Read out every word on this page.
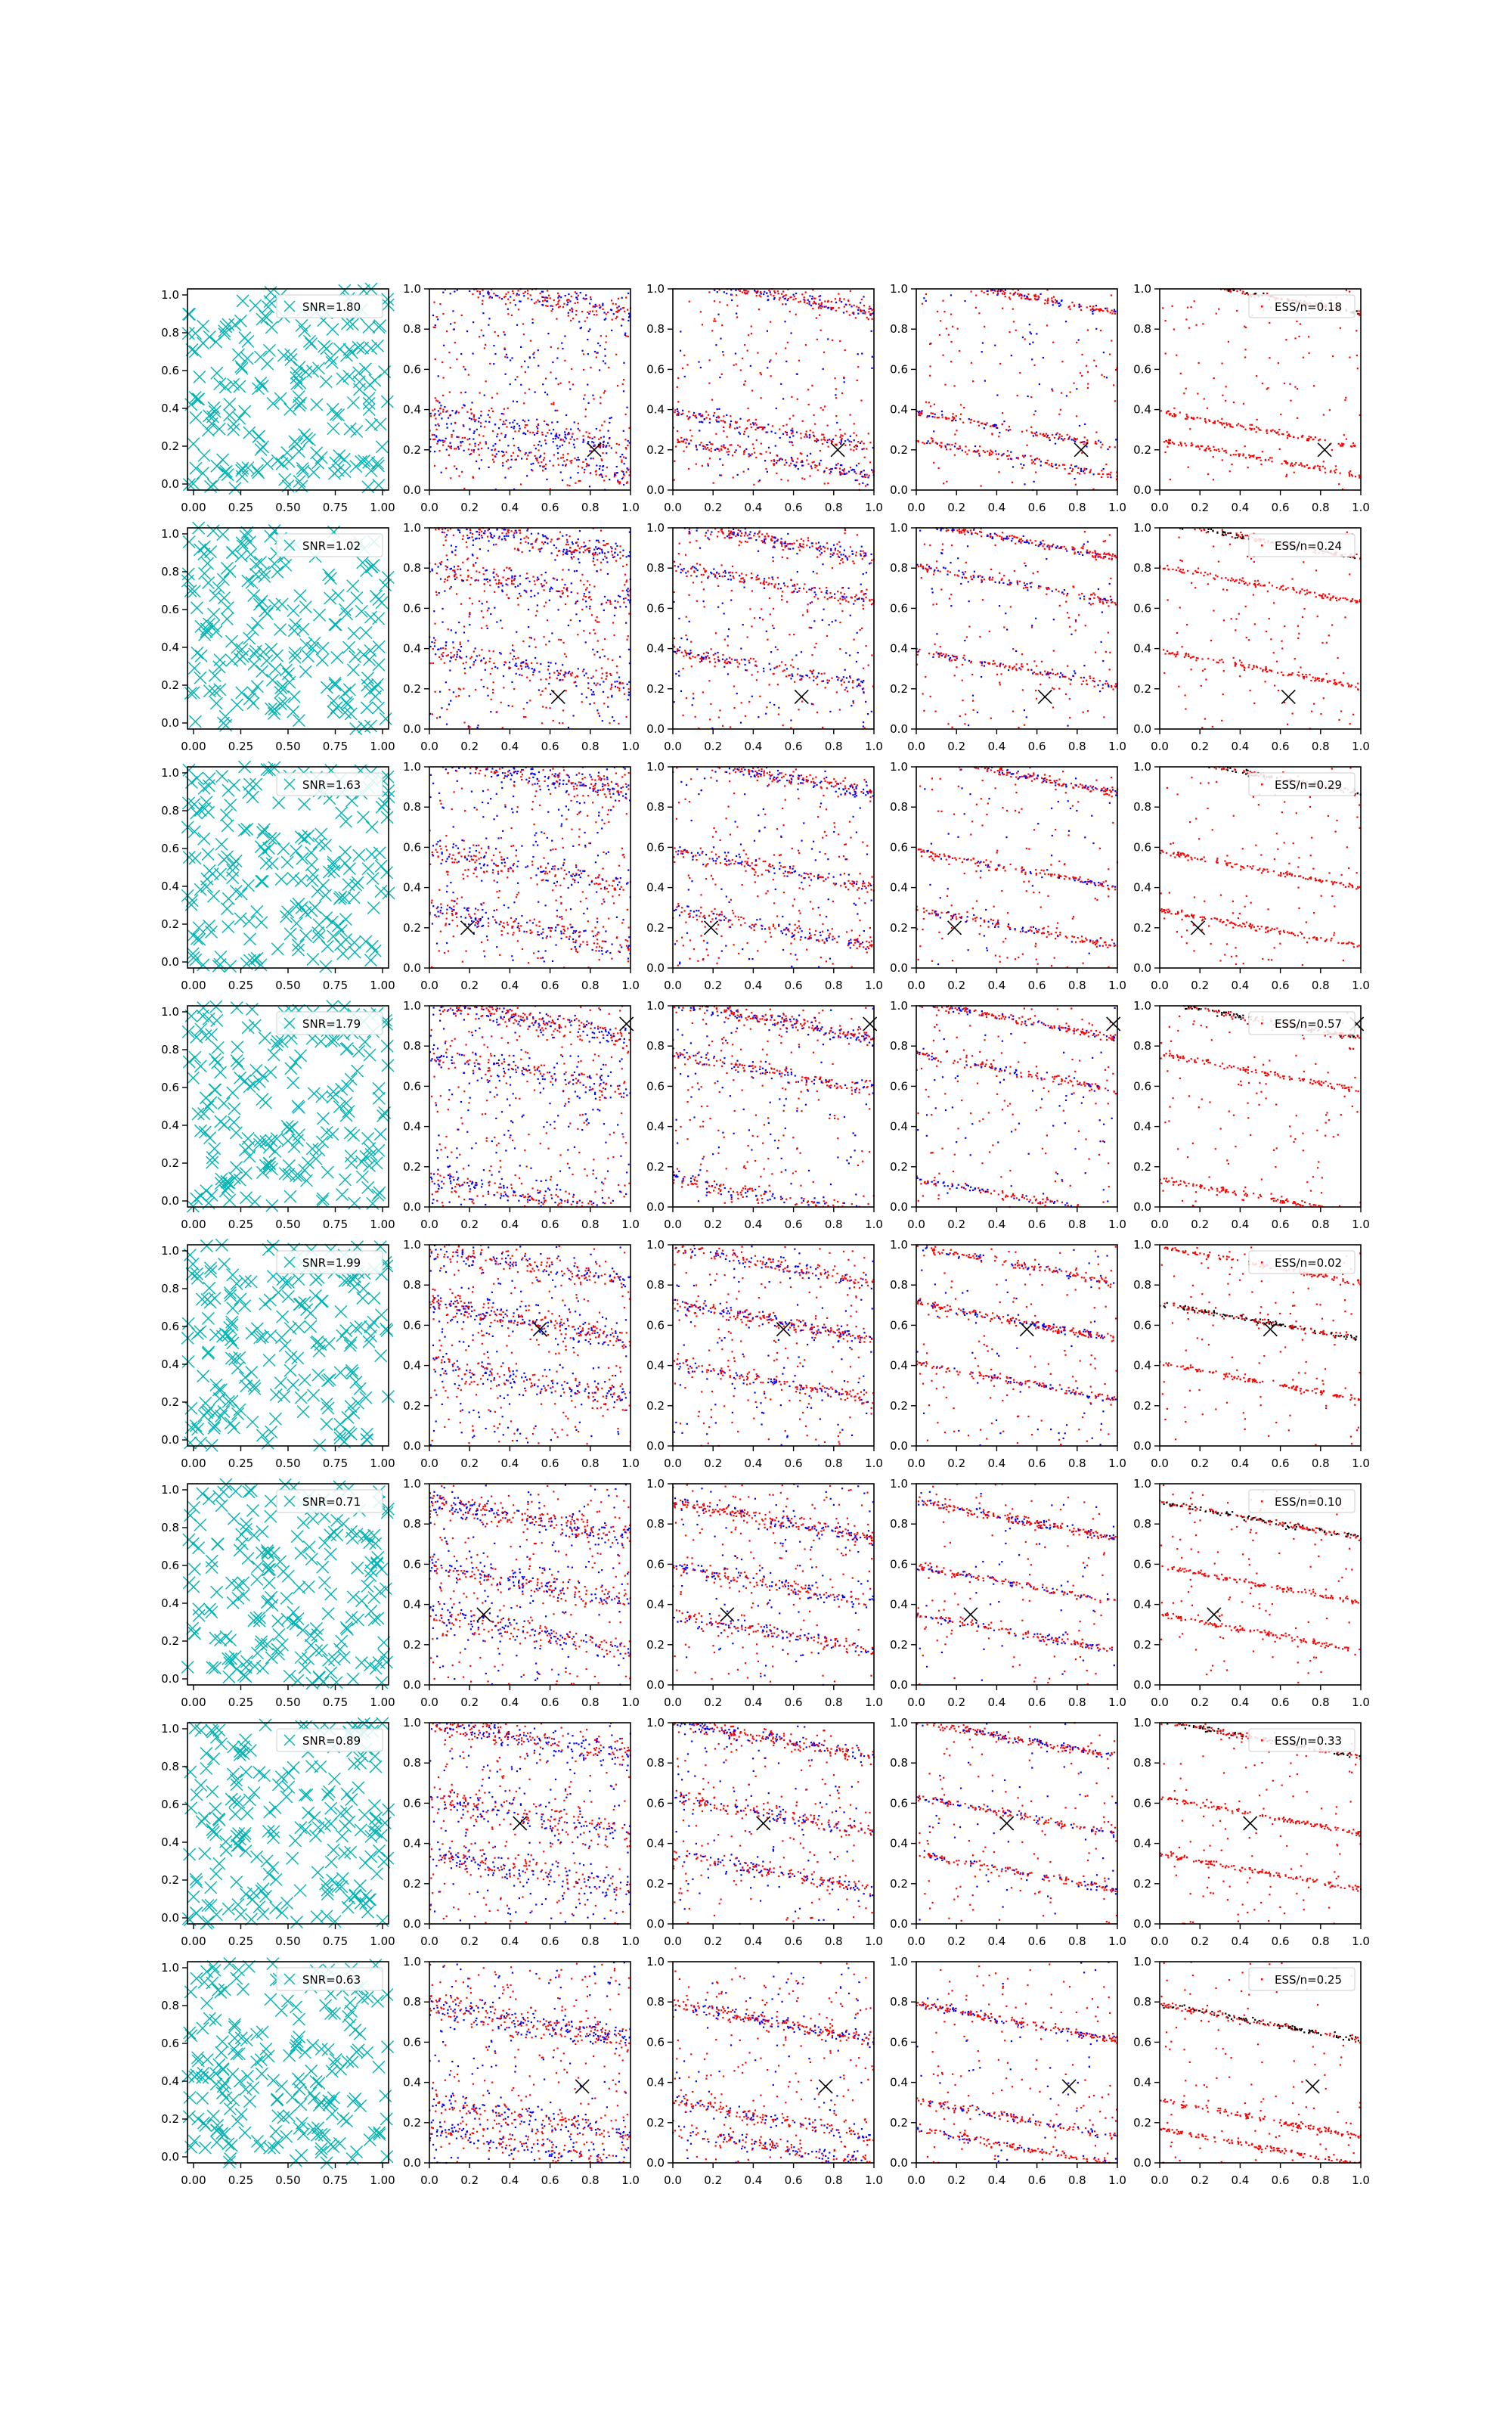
0.00 0.25 0.50 0.75 1.00
0.0
0.2
0.4
0.6
0.8
1.0
SNR=1.80
0.0 0.2 0.4 0.6 0.8 1.0
0.0
0.2
0.4
0.6
0.8
1.0
0.0 0.2 0.4 0.6 0.8 1.0
0.0
0.2
0.4
0.6
0.8
1.0
0.0 0.2 0.4 0.6 0.8 1.0
0.0
0.2
0.4
0.6
0.8
1.0
0.0 0.2 0.4 0.6 0.8 1.0
0.0
0.2
0.4
0.6
0.8
1.0
ESS/n=0.18
0.00 0.25 0.50 0.75 1.00
0.0
0.2
0.4
0.6
0.8
1.0
SNR=1.02
0.0 0.2 0.4 0.6 0.8 1.0
0.0
0.2
0.4
0.6
0.8
1.0
0.0 0.2 0.4 0.6 0.8 1.0
0.0
0.2
0.4
0.6
0.8
1.0
0.0 0.2 0.4 0.6 0.8 1.0
0.0
0.2
0.4
0.6
0.8
1.0
0.0 0.2 0.4 0.6 0.8 1.0
0.0
0.2
0.4
0.6
0.8
1.0
ESS/n=0.24
0.00 0.25 0.50 0.75 1.00
0.0
0.2
0.4
0.6
0.8
1.0
SNR=1.63
0.0 0.2 0.4 0.6 0.8 1.0
0.0
0.2
0.4
0.6
0.8
1.0
0.0 0.2 0.4 0.6 0.8 1.0
0.0
0.2
0.4
0.6
0.8
1.0
0.0 0.2 0.4 0.6 0.8 1.0
0.0
0.2
0.4
0.6
0.8
1.0
0.0 0.2 0.4 0.6 0.8 1.0
0.0
0.2
0.4
0.6
0.8
1.0
ESS/n=0.29
0.00 0.25 0.50 0.75 1.00
0.0
0.2
0.4
0.6
0.8
1.0
SNR=1.79
0.0 0.2 0.4 0.6 0.8 1.0
0.0
0.2
0.4
0.6
0.8
1.0
0.0 0.2 0.4 0.6 0.8 1.0
0.0
0.2
0.4
0.6
0.8
1.0
0.0 0.2 0.4 0.6 0.8 1.0
0.0
0.2
0.4
0.6
0.8
1.0
0.0 0.2 0.4 0.6 0.8 1.0
0.0
0.2
0.4
0.6
0.8
1.0
ESS/n=0.57
0.00 0.25 0.50 0.75 1.00
0.0
0.2
0.4
0.6
0.8
1.0
SNR=1.99
0.0 0.2 0.4 0.6 0.8 1.0
0.0
0.2
0.4
0.6
0.8
1.0
0.0 0.2 0.4 0.6 0.8 1.0
0.0
0.2
0.4
0.6
0.8
1.0
0.0 0.2 0.4 0.6 0.8 1.0
0.0
0.2
0.4
0.6
0.8
1.0
0.0 0.2 0.4 0.6 0.8 1.0
0.0
0.2
0.4
0.6
0.8
1.0
ESS/n=0.02
0.00 0.25 0.50 0.75 1.00
0.0
0.2
0.4
0.6
0.8
1.0
SNR=0.71
0.0 0.2 0.4 0.6 0.8 1.0
0.0
0.2
0.4
0.6
0.8
1.0
0.0 0.2 0.4 0.6 0.8 1.0
0.0
0.2
0.4
0.6
0.8
1.0
0.0 0.2 0.4 0.6 0.8 1.0
0.0
0.2
0.4
0.6
0.8
1.0
0.0 0.2 0.4 0.6 0.8 1.0
0.0
0.2
0.4
0.6
0.8
1.0
ESS/n=0.10
0.00 0.25 0.50 0.75 1.00
0.0
0.2
0.4
0.6
0.8
1.0
SNR=0.89
0.0 0.2 0.4 0.6 0.8 1.0
0.0
0.2
0.4
0.6
0.8
1.0
0.0 0.2 0.4 0.6 0.8 1.0
0.0
0.2
0.4
0.6
0.8
1.0
0.0 0.2 0.4 0.6 0.8 1.0
0.0
0.2
0.4
0.6
0.8
1.0
0.0 0.2 0.4 0.6 0.8 1.0
0.0
0.2
0.4
0.6
0.8
1.0
ESS/n=0.33
0.00 0.25 0.50 0.75 1.00
0.0
0.2
0.4
0.6
0.8
1.0
SNR=0.63
0.0 0.2 0.4 0.6 0.8 1.0
0.0
0.2
0.4
0.6
0.8
1.0
0.0 0.2 0.4 0.6 0.8 1.0
0.0
0.2
0.4
0.6
0.8
1.0
0.0 0.2 0.4 0.6 0.8 1.0
0.0
0.2
0.4
0.6
0.8
1.0
0.0 0.2 0.4 0.6 0.8 1.0
0.0
0.2
0.4
0.6
0.8
1.0
ESS/n=0.25
